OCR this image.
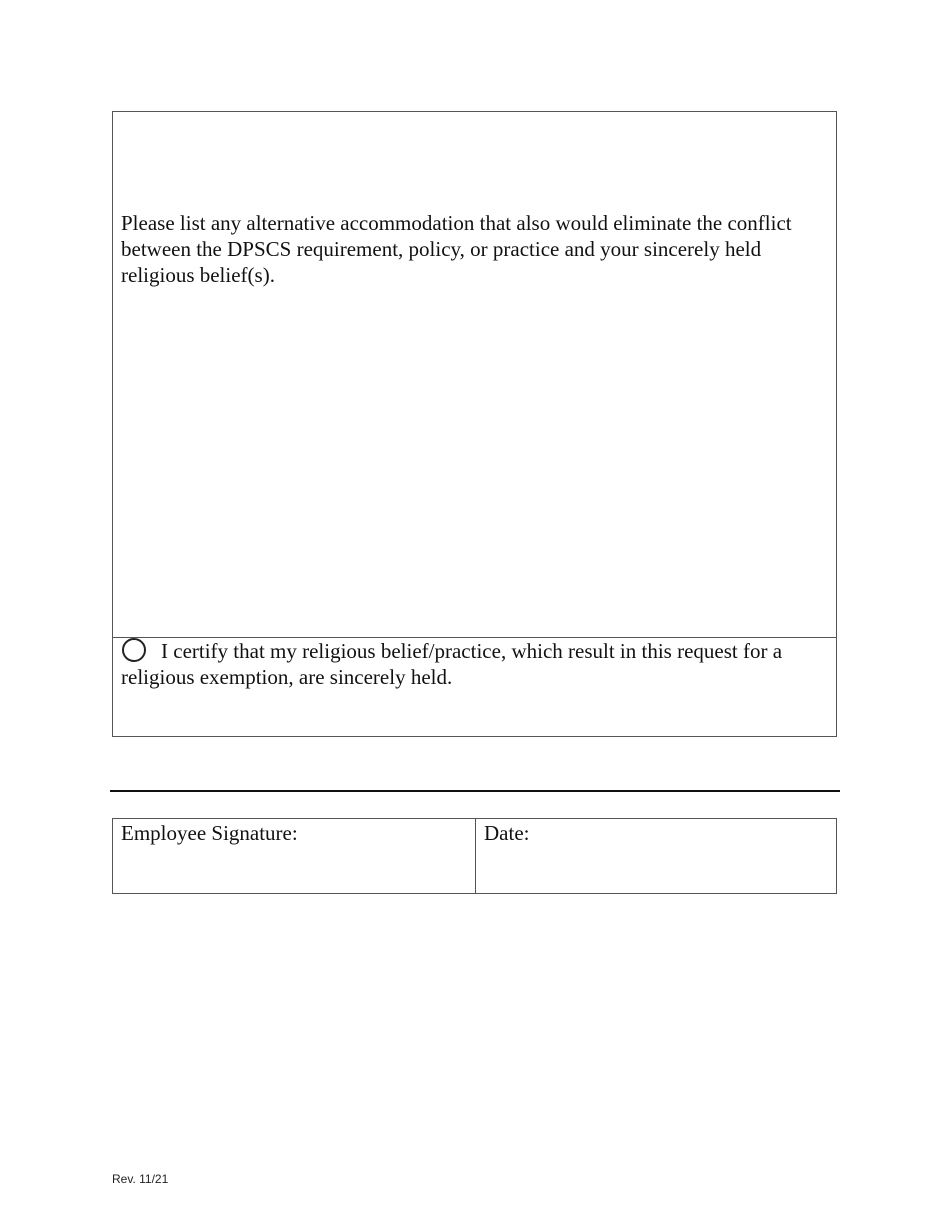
Please list any alternative accommodation that also would eliminate the conflict between the DPSCS requirement, policy, or practice and your sincerely held religious belief(s).

I certify that my religious belief/practice, which result in this request for a religious exemption, are sincerely held.

Employee Signature:	Date:

Rev. 11/21
